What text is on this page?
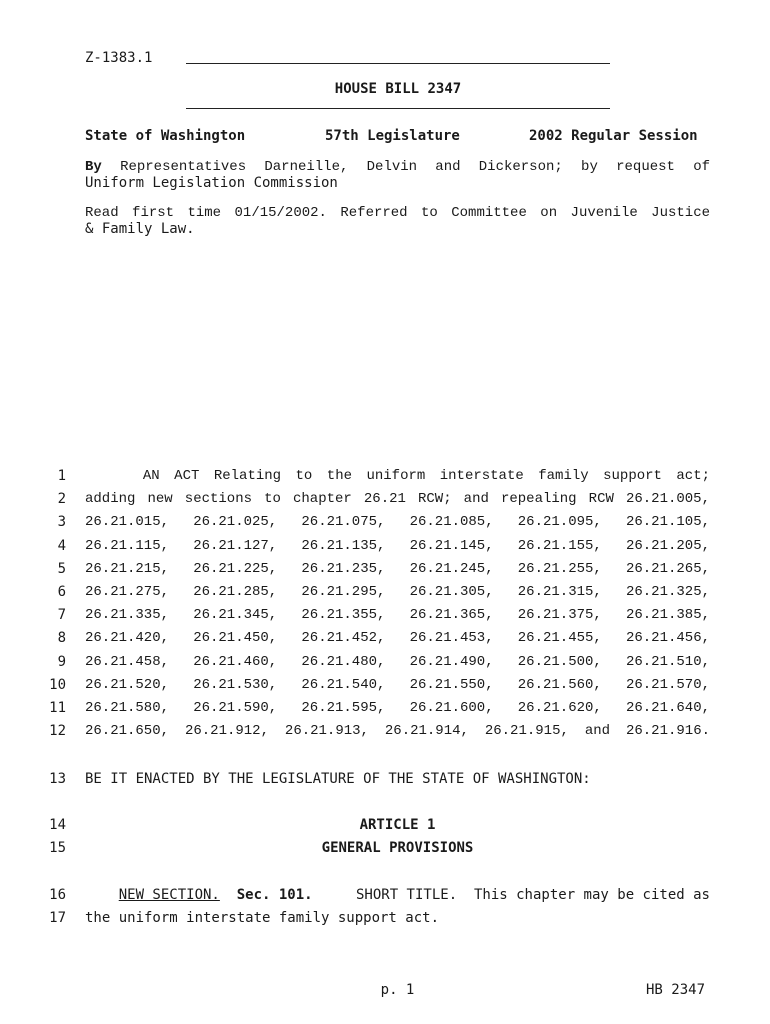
Z-1383.1
HOUSE BILL 2347
State of Washington	57th Legislature	2002 Regular Session
By Representatives Darneille, Delvin and Dickerson; by request of
Uniform Legislation Commission
Read first time 01/15/2002. Referred to Committee on Juvenile Justice
& Family Law.
1 AN ACT Relating to the uniform interstate family support act;
2 adding new sections to chapter 26.21 RCW; and repealing RCW 26.21.005,
3 26.21.015, 26.21.025, 26.21.075, 26.21.085, 26.21.095, 26.21.105,
4 26.21.115, 26.21.127, 26.21.135, 26.21.145, 26.21.155, 26.21.205,
5 26.21.215, 26.21.225, 26.21.235, 26.21.245, 26.21.255, 26.21.265,
6 26.21.275, 26.21.285, 26.21.295, 26.21.305, 26.21.315, 26.21.325,
7 26.21.335, 26.21.345, 26.21.355, 26.21.365, 26.21.375, 26.21.385,
8 26.21.420, 26.21.450, 26.21.452, 26.21.453, 26.21.455, 26.21.456,
9 26.21.458, 26.21.460, 26.21.480, 26.21.490, 26.21.500, 26.21.510,
10 26.21.520, 26.21.530, 26.21.540, 26.21.550, 26.21.560, 26.21.570,
11 26.21.580, 26.21.590, 26.21.595, 26.21.600, 26.21.620, 26.21.640,
12 26.21.650, 26.21.912, 26.21.913, 26.21.914, 26.21.915, and 26.21.916.
13 BE IT ENACTED BY THE LEGISLATURE OF THE STATE OF WASHINGTON:
14	ARTICLE 1
15	GENERAL PROVISIONS
16	NEW SECTION. Sec. 101.	SHORT TITLE.  This chapter may be cited as
17 the uniform interstate family support act.
p. 1	HB 2347
